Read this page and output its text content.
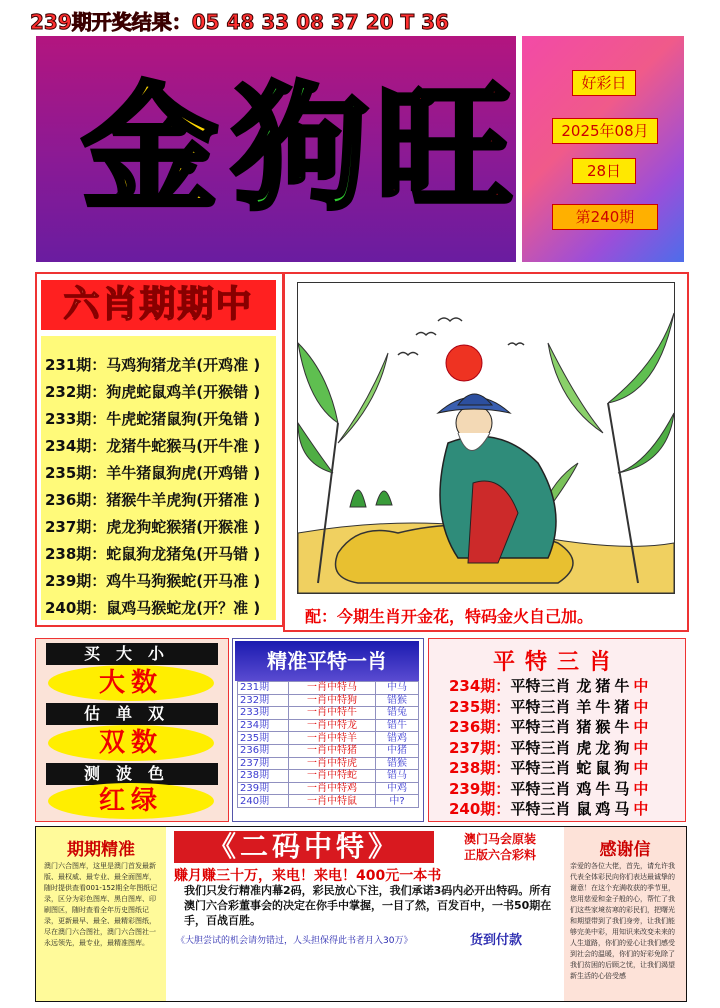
239期开奖结果：05 48 33 08 37 20 T 36
金 狗 旺	好彩日
2025年08月
28日
第240期
六肖期期中
231期：马鸡狗猪龙羊(开鸡准 )
232期：狗虎蛇鼠鸡羊(开猴错 )
233期：牛虎蛇猪鼠狗(开兔错 )
234期：龙猪牛蛇猴马(开牛准 )
235期：羊牛猪鼠狗虎(开鸡错 )
236期：猪猴牛羊虎狗(开猪准 )
237期：虎龙狗蛇猴猪(开猴准 )
238期：蛇鼠狗龙猪兔(开马错 )
239期：鸡牛马狗猴蛇(开马准 )
240期：鼠鸡马猴蛇龙(开？准 )	配：今期生肖开金花，特码金火自己加。
买大小
大数
估单双
双数
测波色
红绿
精准平特一肖
231期	一肖中特马	中马
232期	一肖中特狗	错猴
233期	一肖中特牛	错兔
234期	一肖中特龙	错牛
235期	一肖中特羊	错鸡
236期	一肖中特猪	中猪
237期	一肖中特虎	错猴
238期	一肖中特蛇	错马
239期	一肖中特鸡	中鸡
240期	一肖中特鼠	中?
平特三肖
234期：平特三肖 龙猪牛中
235期：平特三肖 羊牛猪中
236期：平特三肖 猪猴牛中
237期：平特三肖 虎龙狗中
238期：平特三肖 蛇鼠狗中
239期：平特三肖 鸡牛马中
240期：平特三肖 鼠鸡马中
期期精准
澳门六合图库，这里是澳门首发最新版、最权威、最专业、最全面图库，随时提供查看001-152期全年图纸记录，区分为彩色图库、黑白图库、印刷图区，随时查看全年历史图纸记录，更新最早、最全、最精彩图纸，尽在澳门六合图社，澳门六合图社一永远领先，最专业，最精准图库。
《二码中特》	澳门马会原装
正版六合彩料
赚月赚三十万，来电！来电！400元一本书
我们只发行精准内幕2码，彩民放心下注，我们承诺3码内必开出特码。所有澳门六合彩董事会的决定在你手中掌握，一目了然，百发百中，一书50期在手，百战百胜。
《大胆尝试的机会请勿错过，人头担保得此书者月入30万》	货到付款
感谢信
亲爱的各位大佬，首先，请允许我代表全体彩民向你们表达最诚挚的谢意！在这个充满收获的季节里，您用慈爱和金子般的心，帮忙了我们这些家境贫寒的彩民们，把曙光和期望带到了我们身旁，让我们能够完美中彩，用知识来改变未来的人生道路，你们的爱心让我们感受到社会的温暖，你们的好彩免除了我们贫困的后顾之忧，让我们渴望新生活的心倍受感
